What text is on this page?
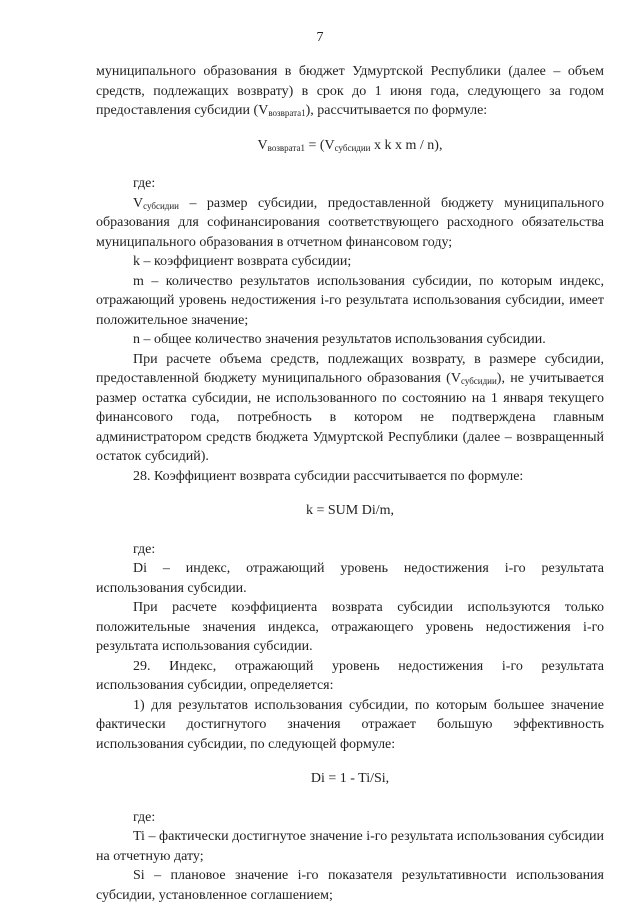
7

муниципального образования в бюджет Удмуртской Республики (далее – объем средств, подлежащих возврату) в срок до 1 июня года, следующего за годом предоставления субсидии $(V_{возврата1})$, рассчитывается по формуле:

$V_{возврата1} = (V_{субсидии}$ x k x m / n),

где:

$V_{субсидии}$ – размер субсидии, предоставленной бюджету муниципального образования для софинансирования соответствующего расходного обязательства муниципального образования в отчетном финансовом году;

k – коэффициент возврата субсидии;

m – количество результатов использования субсидии, по которым индекс, отражающий уровень недостижения i-го результата использования субсидии, имеет положительное значение;

n – общее количество значения результатов использования субсидии.

При расчете объема средств, подлежащих возврату, в размере субсидии, предоставленной бюджету муниципального образования $(V_{субсидии})$, не учитывается размер остатка субсидии, не использованного по состоянию на 1 января текущего финансового года, потребность в котором не подтверждена главным администратором средств бюджета Удмуртской Республики (далее – возвращенный остаток субсидий).

28. Коэффициент возврата субсидии рассчитывается по формуле:

k = SUM Di/m,

где:

Di – индекс, отражающий уровень недостижения i-го результата использования субсидии.

При расчете коэффициента возврата субсидии используются только положительные значения индекса, отражающего уровень недостижения i-го результата использования субсидии.

29. Индекс, отражающий уровень недостижения i-го результата использования субсидии, определяется:

1) для результатов использования субсидии, по которым большее значение фактически достигнутого значения отражает большую эффективность использования субсидии, по следующей формуле:

Di = 1 - Ti/Si,

где:

Ti – фактически достигнутое значение i-го результата использования субсидии на отчетную дату;

Si – плановое значение i-го показателя результативности использования субсидии, установленное соглашением;
